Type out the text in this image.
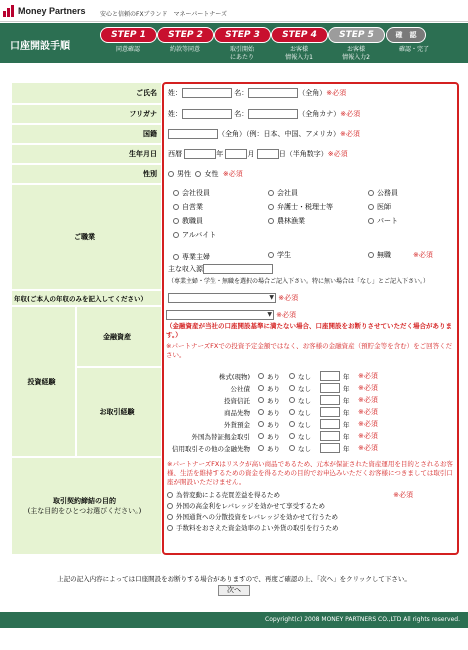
Money Partners 安心と信頼のFXブランド　マネーパートナーズ
口座開設手順
STEP 1
同意確認
STEP 2
約款等同意
STEP 3
取引開始
にあたり
STEP 4
お客様
情報入力1
STEP 5
お客様
情報入力2
確　認
確認・完了
ご氏名	姓：
	名：	（全角） ※必須
フリガナ	姓：
	名：	（全角カナ） ※必須
国籍	（全角）（例：日本、中国、アメリカ） ※必須
生年月日	西暦
	年
	月
	日 （半角数字） ※必須
性別	男性
女性
※必須
ご職業
会社役員	会社員	公務員
自営業	弁護士・税理士等	医師
教職員	農林漁業	パート
アルバイト
専業主婦	学生	無職	※必須
主な収入源
（専業主婦・学生・無職を選択の場合ご記入下さい。特に無い場合は「なし」とご記入下さい。）
年収(ご本人の年収のみを記入してください）
▼
	※必須
投資経験
金融資産
▼ ※必須
（金融資産が当社の口座開設基準に満たない場合、口座開設をお断りさせていただく場合があります。）
※パートナーズFXでの投資予定金額ではなく、お客様の金融資産（預貯金等を含む）をご回答ください。
お取引経験
株式(現物)	あり	なし	年	※必須
公社債	あり	なし	年	※必須
投資信託	あり	なし	年	※必須
商品先物	あり	なし	年	※必須
外貨預金	あり	なし	年	※必須
外国為替証拠金取引	あり	なし	年	※必須
信用取引その他の金融先物	あり	なし	年	※必須
取引契約締結の目的
(主な目的をひとつお選びください。)
※パートナーズFXはリスクが高い商品であるため、元本が保証された資産運用を目的とされるお客様、生活を維持するための資金を得るための目的でお申込みいただくお客様につきましては取引口座が開設いただけません。
為替変動による売買差益を得るため	※必須
外国の高金利をレバレッジを効かせて享受するため
外国通貨への分散投資をレバレッジを効かせて行うため
手数料をおさえた資金効率のよい外貨の取引を行うため
上記の記入内容によっては口座開設をお断りする場合がありますので、再度ご確認の上、「次へ」をクリックして下さい。
次へ
Copyright(c) 2008 MONEY PARTNERS CO.,LTD All rights reserved.
